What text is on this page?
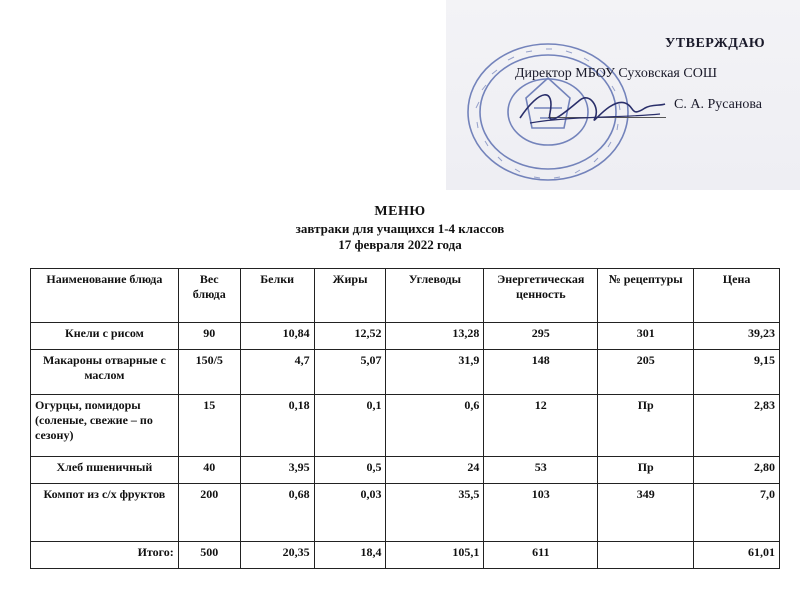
УТВЕРЖДАЮ
Директор МБОУ Суховская СОШ
С. А. Русанова
МЕНЮ
завтраки для учащихся 1-4 классов
17 февраля 2022 года
Наименование блюда	Вес блюда	Белки	Жиры	Углеводы	Энергетическая ценность	№ рецептуры	Цена
Кнели с рисом	90	10,84	12,52	13,28	295	301	39,23
Макароны отварные с маслом	150/5	4,7	5,07	31,9	148	205	9,15
Огурцы, помидоры (соленые, свежие – по сезону)	15	0,18	0,1	0,6	12	Пр	2,83
Хлеб пшеничный	40	3,95	0,5	24	53	Пр	2,80
Компот из с/х фруктов	200	0,68	0,03	35,5	103	349	7,0
Итого:	500	20,35	18,4	105,1	611		61,01
